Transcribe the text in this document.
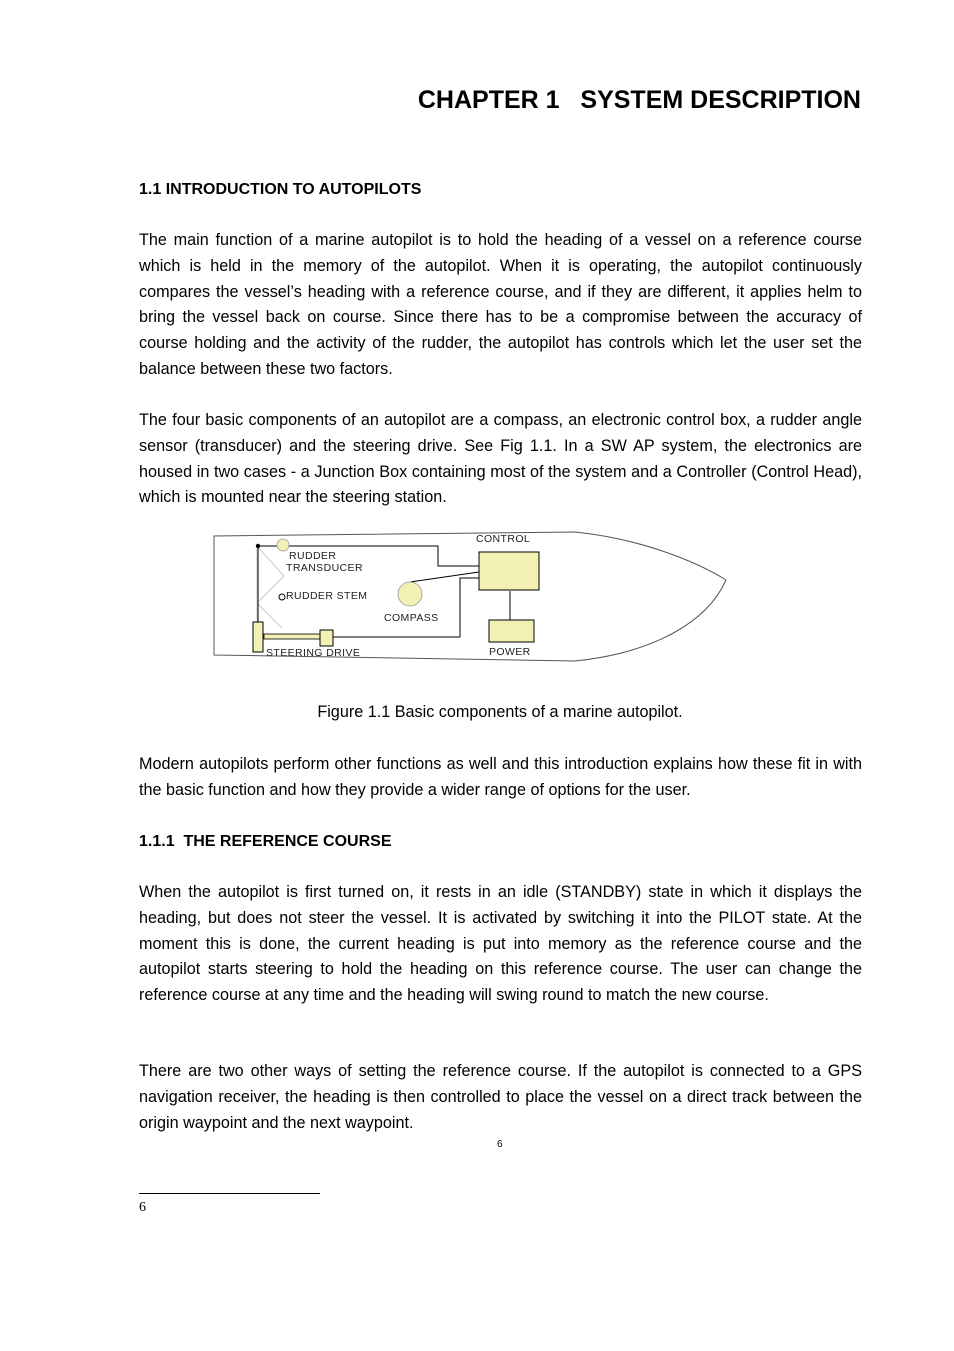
CHAPTER 1   SYSTEM DESCRIPTION
1.1 INTRODUCTION TO AUTOPILOTS

The main function of a marine autopilot is to hold the heading of a vessel on a reference course which is held in the memory of the autopilot. When it is operating, the autopilot continuously compares the vessel’s heading with a reference course, and if they are different, it applies helm to bring the vessel back on course. Since there has to be a compromise between the accuracy of course holding and the activity of the rudder, the autopilot has controls which let the user set the balance between these two factors.

The four basic components of an autopilot are a compass, an electronic control box, a rudder angle sensor (transducer) and the steering drive. See Fig 1.1. In a SW AP system, the electronics are housed in two cases - a Junction Box containing most of the system and a Controller (Control Head), which is mounted near the steering station.

CONTROL
RUDDER
TRANSDUCER
RUDDER STEM
COMPASS
STEERING DRIVE	POWER

Figure 1.1 Basic components of a marine autopilot.

Modern autopilots perform other functions as well and this introduction explains how these fit in with the basic function and how they provide a wider range of options for the user.

1.1.1  THE REFERENCE COURSE

When the autopilot is first turned on, it rests in an idle (STANDBY) state in which it displays the heading, but does not steer the vessel. It is activated by switching it into the PILOT state. At the moment this is done, the current heading is put into memory as the reference course and the autopilot starts steering to hold the heading on this reference course. The user can change the reference course at any time and the heading will swing round to match the new course.

There are two other ways of setting the reference course. If the autopilot is connected to a GPS navigation receiver, the heading is then controlled to place the vessel on a direct track between the origin waypoint and the next waypoint.

6
6
